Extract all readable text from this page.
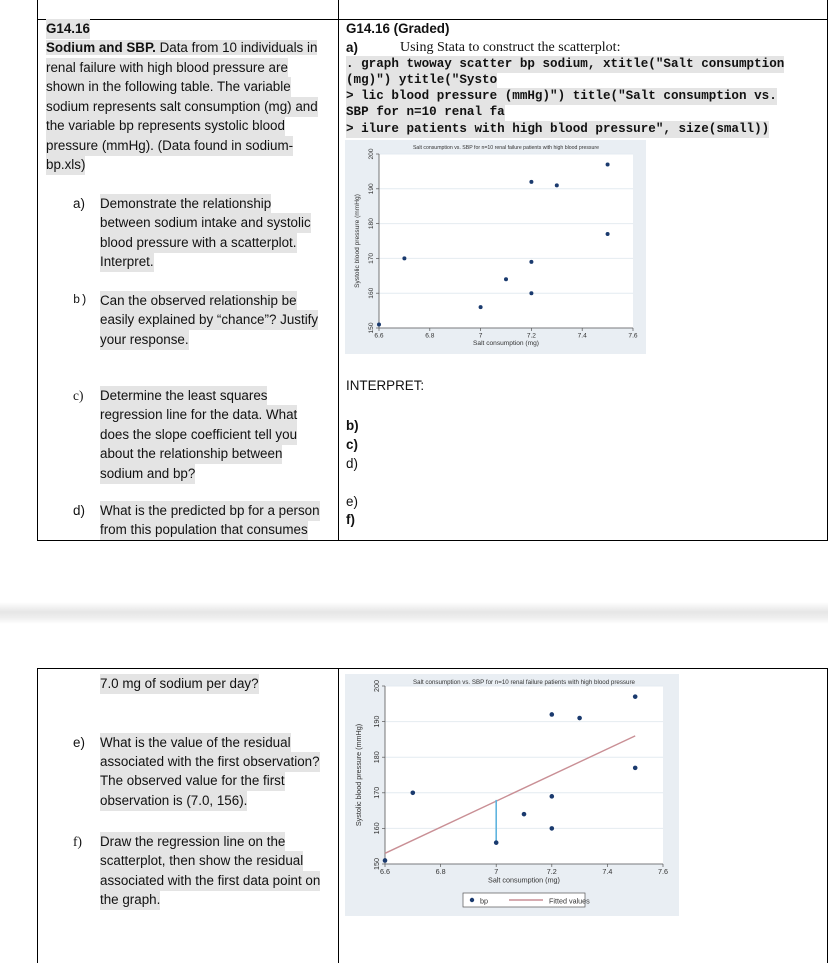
G14.16
Sodium and SBP. Data from 10 individuals in
renal failure with high blood pressure are
shown in the following table. The variable
sodium represents salt consumption (mg) and
the variable bp represents systolic blood
pressure (mmHg). (Data found in sodium-
bp.xls)
a) Demonstrate the relationship
between sodium intake and systolic
blood pressure with a scatterplot.
Interpret.
b) Can the observed relationship be
easily explained by “chance”? Justify
your response.
c) Determine the least squares
regression line for the data. What
does the slope coefficient tell you
about the relationship between
sodium and bp?
d) What is the predicted bp for a person
from this population that consumes
G14.16 (Graded)
a)	Using Stata to construct the scatterplot:
. graph twoway scatter bp sodium, xtitle("Salt consumption
(mg)") ytitle("Systo
> lic blood pressure (mmHg)") title("Salt consumption vs.
SBP for n=10 renal fa
> ilure patients with high blood pressure", size(small))
150
160
170
180
190
200
6.6	6.8	7	7.2	7.4	7.6
Salt consumption vs. SBP for n=10 renal failure patients with high blood pressure
Salt consumption (mg)
Systolic blood pressure (mmHg)
INTERPRET:
b)
c)
d)
e)
f)
7.0 mg of sodium per day?
e) What is the value of the residual
associated with the first observation?
The observed value for the first
observation is (7.0, 156).
f) Draw the regression line on the
scatterplot, then show the residual
associated with the first data point on
the graph.
150
160
170
180
190
200
6.6	6.8	7	7.2	7.4	7.6
Salt consumption vs. SBP for n=10 renal failure patients with high blood pressure
Salt consumption (mg)
Systolic blood pressure (mmHg)
bp	Fitted values
